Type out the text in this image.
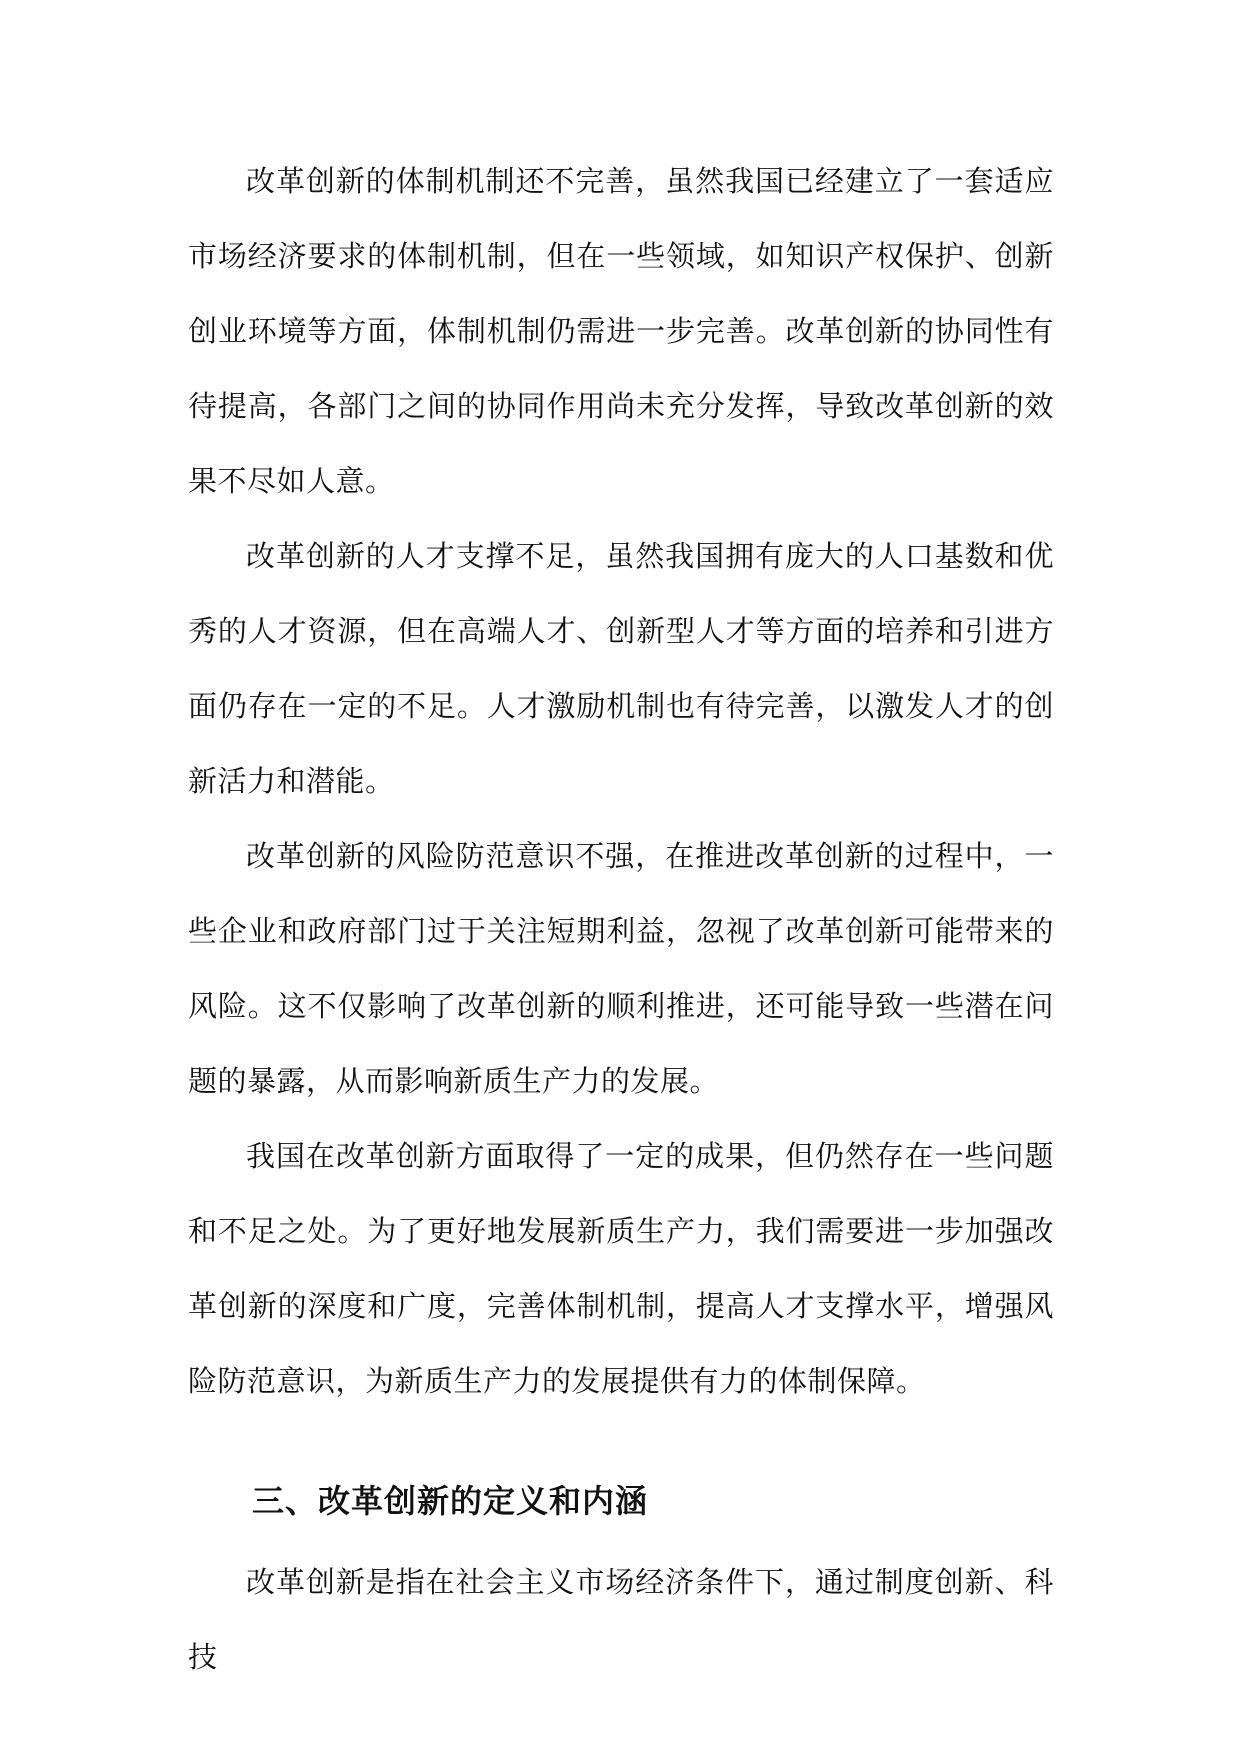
改革创新的体制机制还不完善，虽然我国已经建立了一套适应市场经济要求的体制机制，但在一些领域，如知识产权保护、创新创业环境等方面，体制机制仍需进一步完善。改革创新的协同性有待提高，各部门之间的协同作用尚未充分发挥，导致改革创新的效果不尽如人意。

改革创新的人才支撑不足，虽然我国拥有庞大的人口基数和优秀的人才资源，但在高端人才、创新型人才等方面的培养和引进方面仍存在一定的不足。人才激励机制也有待完善，以激发人才的创新活力和潜能。

改革创新的风险防范意识不强，在推进改革创新的过程中，一些企业和政府部门过于关注短期利益，忽视了改革创新可能带来的风险。这不仅影响了改革创新的顺利推进，还可能导致一些潜在问题的暴露，从而影响新质生产力的发展。

我国在改革创新方面取得了一定的成果，但仍然存在一些问题和不足之处。为了更好地发展新质生产力，我们需要进一步加强改革创新的深度和广度，完善体制机制，提高人才支撑水平，增强风险防范意识，为新质生产力的发展提供有力的体制保障。

三、改革创新的定义和内涵

改革创新是指在社会主义市场经济条件下，通过制度创新、科技
